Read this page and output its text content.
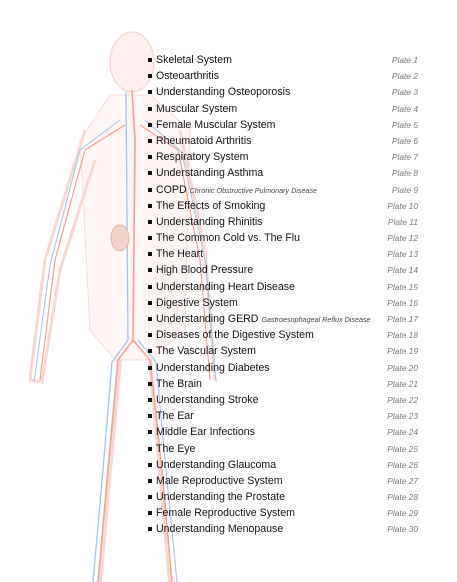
Skeletal System	Plate 1
Osteoarthritis	Plate 2
Understanding Osteoporosis	Plate 3
Muscular System	Plate 4
Female Muscular System	Plate 5
Rheumatoid Arthritis	Plate 6
Respiratory System	Plate 7
Understanding Asthma	Plate 8
COPD Chronic Obstructive Pulmonary Disease	Plate 9
The Effects of Smoking	Plate 10
Understanding Rhinitis	Plate 11
The Common Cold vs. The Flu	Plate 12
The Heart	Plate 13
High Blood Pressure	Plate 14
Understanding Heart Disease	Plate 15
Digestive System	Plate 16
Understanding GERD Gastroesophageal Reflux Disease Plate 17
Diseases of the Digestive System	Plate 18
The Vascular System	Plate 19
Understanding Diabetes	Plate 20
The Brain	Plate 21
Understanding Stroke	Plate 22
The Ear	Plate 23
Middle Ear Infections	Plate 24
The Eye	Plate 25
Understanding Glaucoma	Plate 26
Male Reproductive System	Plate 27
Understanding the Prostate	Plate 28
Female Reproductive System	Plate 29
Understanding Menopause	Plate 30
